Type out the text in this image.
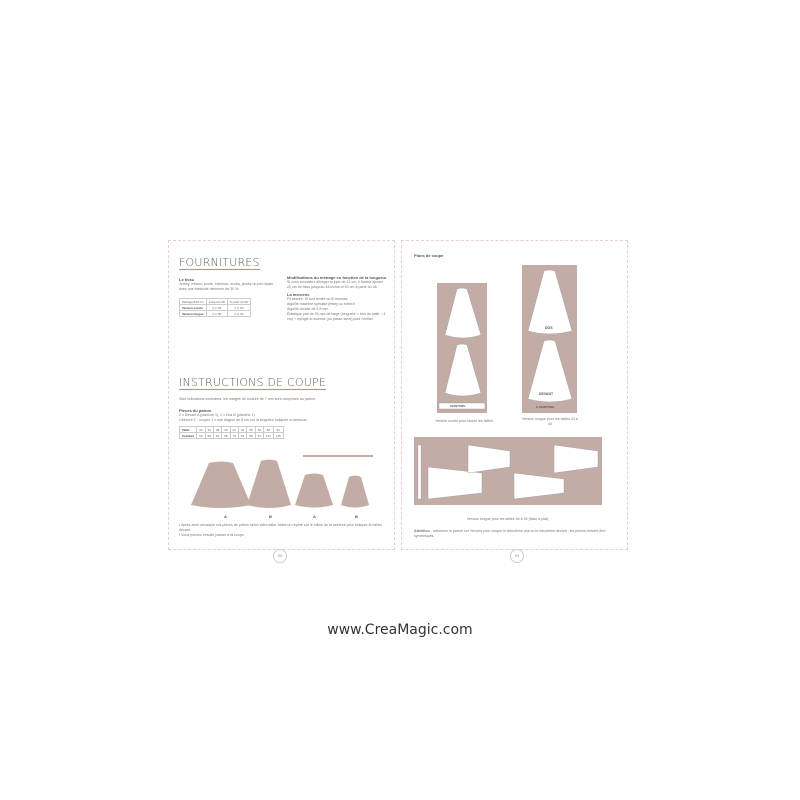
FOURNITURES
Le tissu
Jersey, milano, ponte, interlock, scuba, jersey un peu épais avec une élasticité minimum de 30 %.
Métrage/140 cm	Jusqu'au 48	À partir du 50
Version courte	1 m 60	1 m 60
Version longue	1 m 80	2 m 30
Modifications du métrage en fonction de la longueur
Si vous souhaitez allonger la jupe de 15 cm, il faudra ajouter 20 cm de tissu jusqu'au 44 inclus et 40 cm à partir du 46.
La mercerie
Fil assorti : fil tout textile ou fil mousse
Aiguille machine spéciale jersey ou stretch
Aiguille double de 2,5 mm
Élastique plat de 25 mm de large (longueur = tour de taille – 4 cm) + épingle à nourrice (ou passe-lacet) pour l'enfiler
INSTRUCTIONS DE COUPE
Sauf indications contraires, les marges de couture de 7 mm sont comprises au patron.
Pièces du patron
2 x Devant A (planche 1), 2 x Dos B (planche 1)
Ceinture C : couper 1 x une largeur de 8 cm sur la longueur indiquée ci-dessous :
Taille	34	36	38	40	42	44	46	48	50	52
Ceinture	53	56	61	66	75	81	89	97	107	115
A	B	A	B
• Après avoir décalqué vos pièces de patron selon votre taille, faites un repère sur le milieu de la ceinture pour indiquer le milieu devant.
• Vous pouvez ensuite passer à la coupe.
96
Plans de coupe
CEINTURE
Version courte pour toutes les tailles
DOS
DEVANT
C CEINTURE
Version longue pour les tailles 34 à 44
Version longue pour les tailles 46 à 52 (tissu à plat).
Attention : retournez le patron sur l'envers pour couper le deuxième dos ou le deuxième devant ; les pièces doivent être symétriques.
99
www.CreaMagic.com
